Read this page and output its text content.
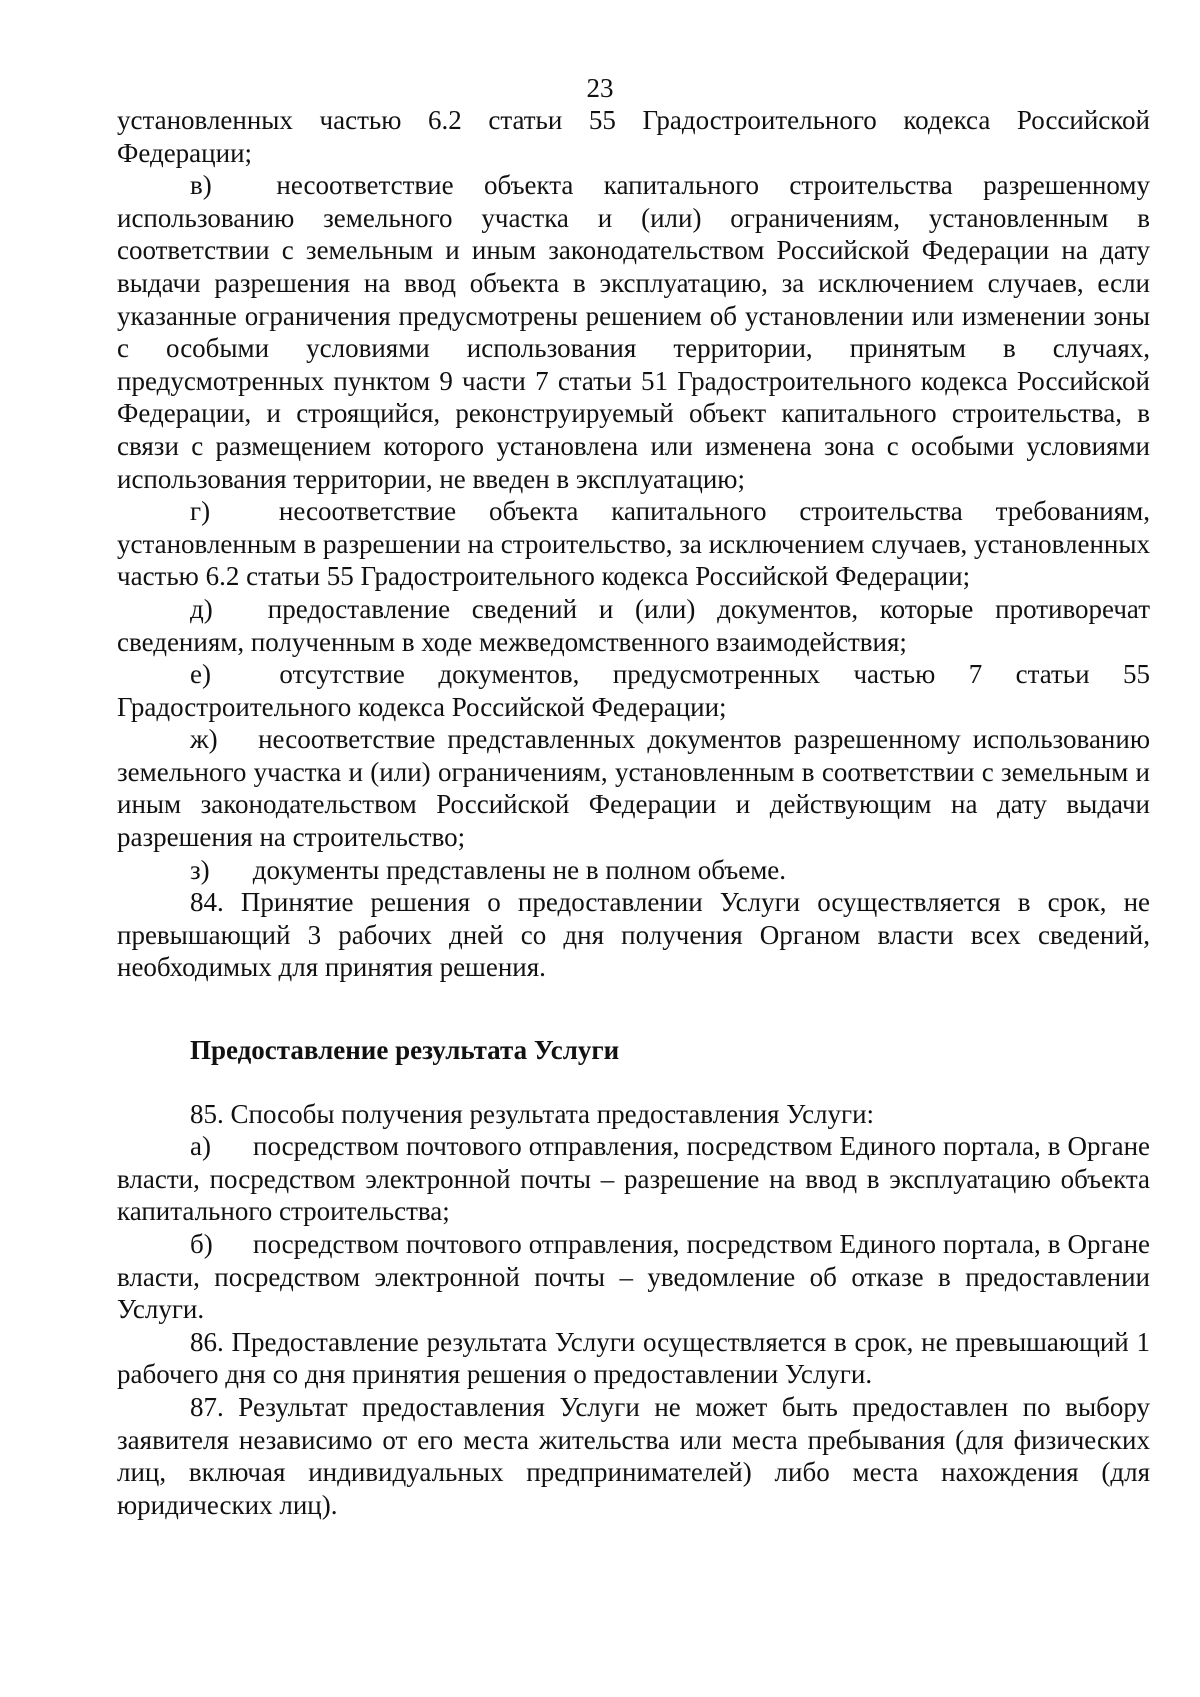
23

установленных частью 6.2 статьи 55 Градостроительного кодекса Российской Федерации;

в) несоответствие объекта капитального строительства разрешенному использованию земельного участка и (или) ограничениям, установленным в соответствии с земельным и иным законодательством Российской Федерации на дату выдачи разрешения на ввод объекта в эксплуатацию, за исключением случаев, если указанные ограничения предусмотрены решением об установлении или изменении зоны с особыми условиями использования территории, принятым в случаях, предусмотренных пунктом 9 части 7 статьи 51 Градостроительного кодекса Российской Федерации, и строящийся, реконструируемый объект капитального строительства, в связи с размещением которого установлена или изменена зона с особыми условиями использования территории, не введен в эксплуатацию;

г)	несоответствие объекта капитального строительства требованиям, установленным в разрешении на строительство, за исключением случаев, установленных частью 6.2 статьи 55 Градостроительного кодекса Российской Федерации;

д) предоставление сведений и (или) документов, которые противоречат сведениям, полученным в ходе межведомственного взаимодействия;

е)	отсутствие документов, предусмотренных частью 7 статьи 55 Градостроительного кодекса Российской Федерации;

ж) несоответствие представленных документов разрешенному использованию земельного участка и (или) ограничениям, установленным в соответствии с земельным и иным законодательством Российской Федерации и действующим на дату выдачи разрешения на строительство;

з) документы представлены не в полном объеме.

84. Принятие решения о предоставлении Услуги осуществляется в срок, не превышающий 3 рабочих дней со дня получения Органом власти всех сведений, необходимых для принятия решения.

Предоставление результата Услуги

85. Способы получения результата предоставления Услуги:

а) посредством почтового отправления, посредством Единого портала, в Органе власти, посредством электронной почты – разрешение на ввод в эксплуатацию объекта капитального строительства;

б) посредством почтового отправления, посредством Единого портала, в Органе власти, посредством электронной почты – уведомление об отказе в предоставлении Услуги.

86. Предоставление результата Услуги осуществляется в срок, не превышающий 1 рабочего дня со дня принятия решения о предоставлении Услуги.

87. Результат предоставления Услуги не может быть предоставлен по выбору заявителя независимо от его места жительства или места пребывания (для физических лиц, включая индивидуальных предпринимателей) либо места нахождения (для юридических лиц).
